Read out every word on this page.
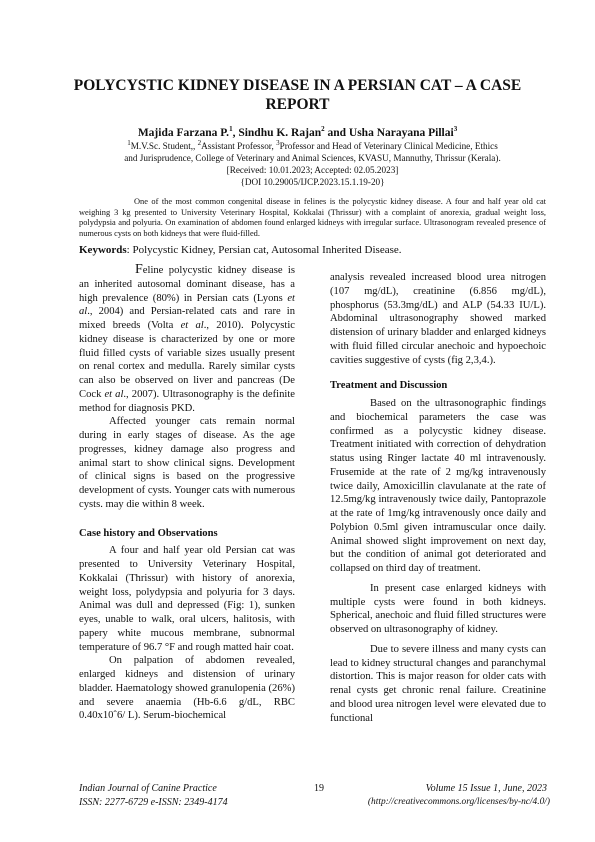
POLYCYSTIC KIDNEY DISEASE IN A PERSIAN CAT – A CASE REPORT
Majida Farzana P.$^1$, Sindhu K. Rajan$^2$ and Usha Narayana Pillai$^3$
$^1$M.V.Sc. Student,, $^2$Assistant Professor, $^3$Professor and Head of Veterinary Clinical Medicine, Ethics
and Jurisprudence, College of Veterinary and Animal Sciences, KVASU, Mannuthy, Thrissur (Kerala).
[Received: 10.01.2023; Accepted: 02.05.2023]
{DOI 10.29005/IJCP.2023.15.1.19-20}
One of the most common congenital disease in felines is the polycystic kidney disease. A four and half year old cat weighing 3 kg presented to University Veterinary Hospital, Kokkalai (Thrissur) with a complaint of anorexia, gradual weight loss, polydypsia and polyuria. On examination of abdomen found enlarged kidneys with irregular surface. Ultrasonogram revealed presence of numerous cysts on both kidneys that were fluid-filled.
Keywords: Polycystic Kidney, Persian cat, Autosomal Inherited Disease.

Feline polycystic kidney disease is an inherited autosomal dominant disease, has a high prevalence (80%) in Persian cats (Lyons et al., 2004) and Persian-related cats and rare in mixed breeds (Volta et al., 2010). Polycystic kidney disease is characterized by one or more fluid filled cysts of variable sizes usually present on renal cortex and medulla. Rarely similar cysts can also be observed on liver and pancreas (De Cock et al., 2007). Ultrasonography is the definite method for diagnosis PKD.

Affected younger cats remain normal during in early stages of disease. As the age progresses, kidney damage also progress and animal start to show clinical signs. Development of clinical signs is based on the progressive development of cysts. Younger cats with numerous cysts. may die within 8 week.

Case history and Observations

A four and half year old Persian cat was presented to University Veterinary Hospital, Kokkalai (Thrissur) with history of anorexia, weight loss, polydypsia and polyuria for 3 days. Animal was dull and depressed (Fig: 1), sunken eyes, unable to walk, oral ulcers, halitosis, with papery white mucous membrane, subnormal temperature of 96.7 °F and rough matted hair coat.

On palpation of abdomen revealed, enlarged kidneys and distension of urinary bladder. Haematology showed granulopenia (26%) and severe anaemia (Hb-6.6 g/dL, RBC 0.40x10ˆ6/ L). Serum-biochemical

analysis revealed increased blood urea nitrogen (107 mg/dL), creatinine (6.856 mg/dL), phosphorus (53.3mg/dL) and ALP (54.33 IU/L). Abdominal ultrasonography showed marked distension of urinary bladder and enlarged kidneys with fluid filled circular anechoic and hypoechoic cavities suggestive of cysts (fig 2,3,4.).

Treatment and Discussion

Based on the ultrasonographic findings and biochemical parameters the case was confirmed as a polycystic kidney disease. Treatment initiated with correction of dehydration status using Ringer lactate 40 ml intravenously. Frusemide at the rate of 2 mg/kg intravenously twice daily, Amoxicillin clavulanate at the rate of 12.5mg/kg intravenously twice daily, Pantoprazole at the rate of 1mg/kg intravenously once daily and Polybion 0.5ml given intramuscular once daily. Animal showed slight improvement on next day, but the condition of animal got deteriorated and collapsed on third day of treatment.

In present case enlarged kidneys with multiple cysts were found in both kidneys. Spherical, anechoic and fluid filled structures were observed on ultrasonography of kidney.

Due to severe illness and many cysts can lead to kidney structural changes and paranchymal distortion. This is major reason for older cats with renal cysts get chronic renal failure. Creatinine and blood urea nitrogen level were elevated due to functional

Indian Journal of Canine Practice	19	Volume 15 Issue 1, June, 2023
ISSN: 2277-6729 e-ISSN: 2349-4174	(http://creativecommons.org/licenses/by-nc/4.0/)
